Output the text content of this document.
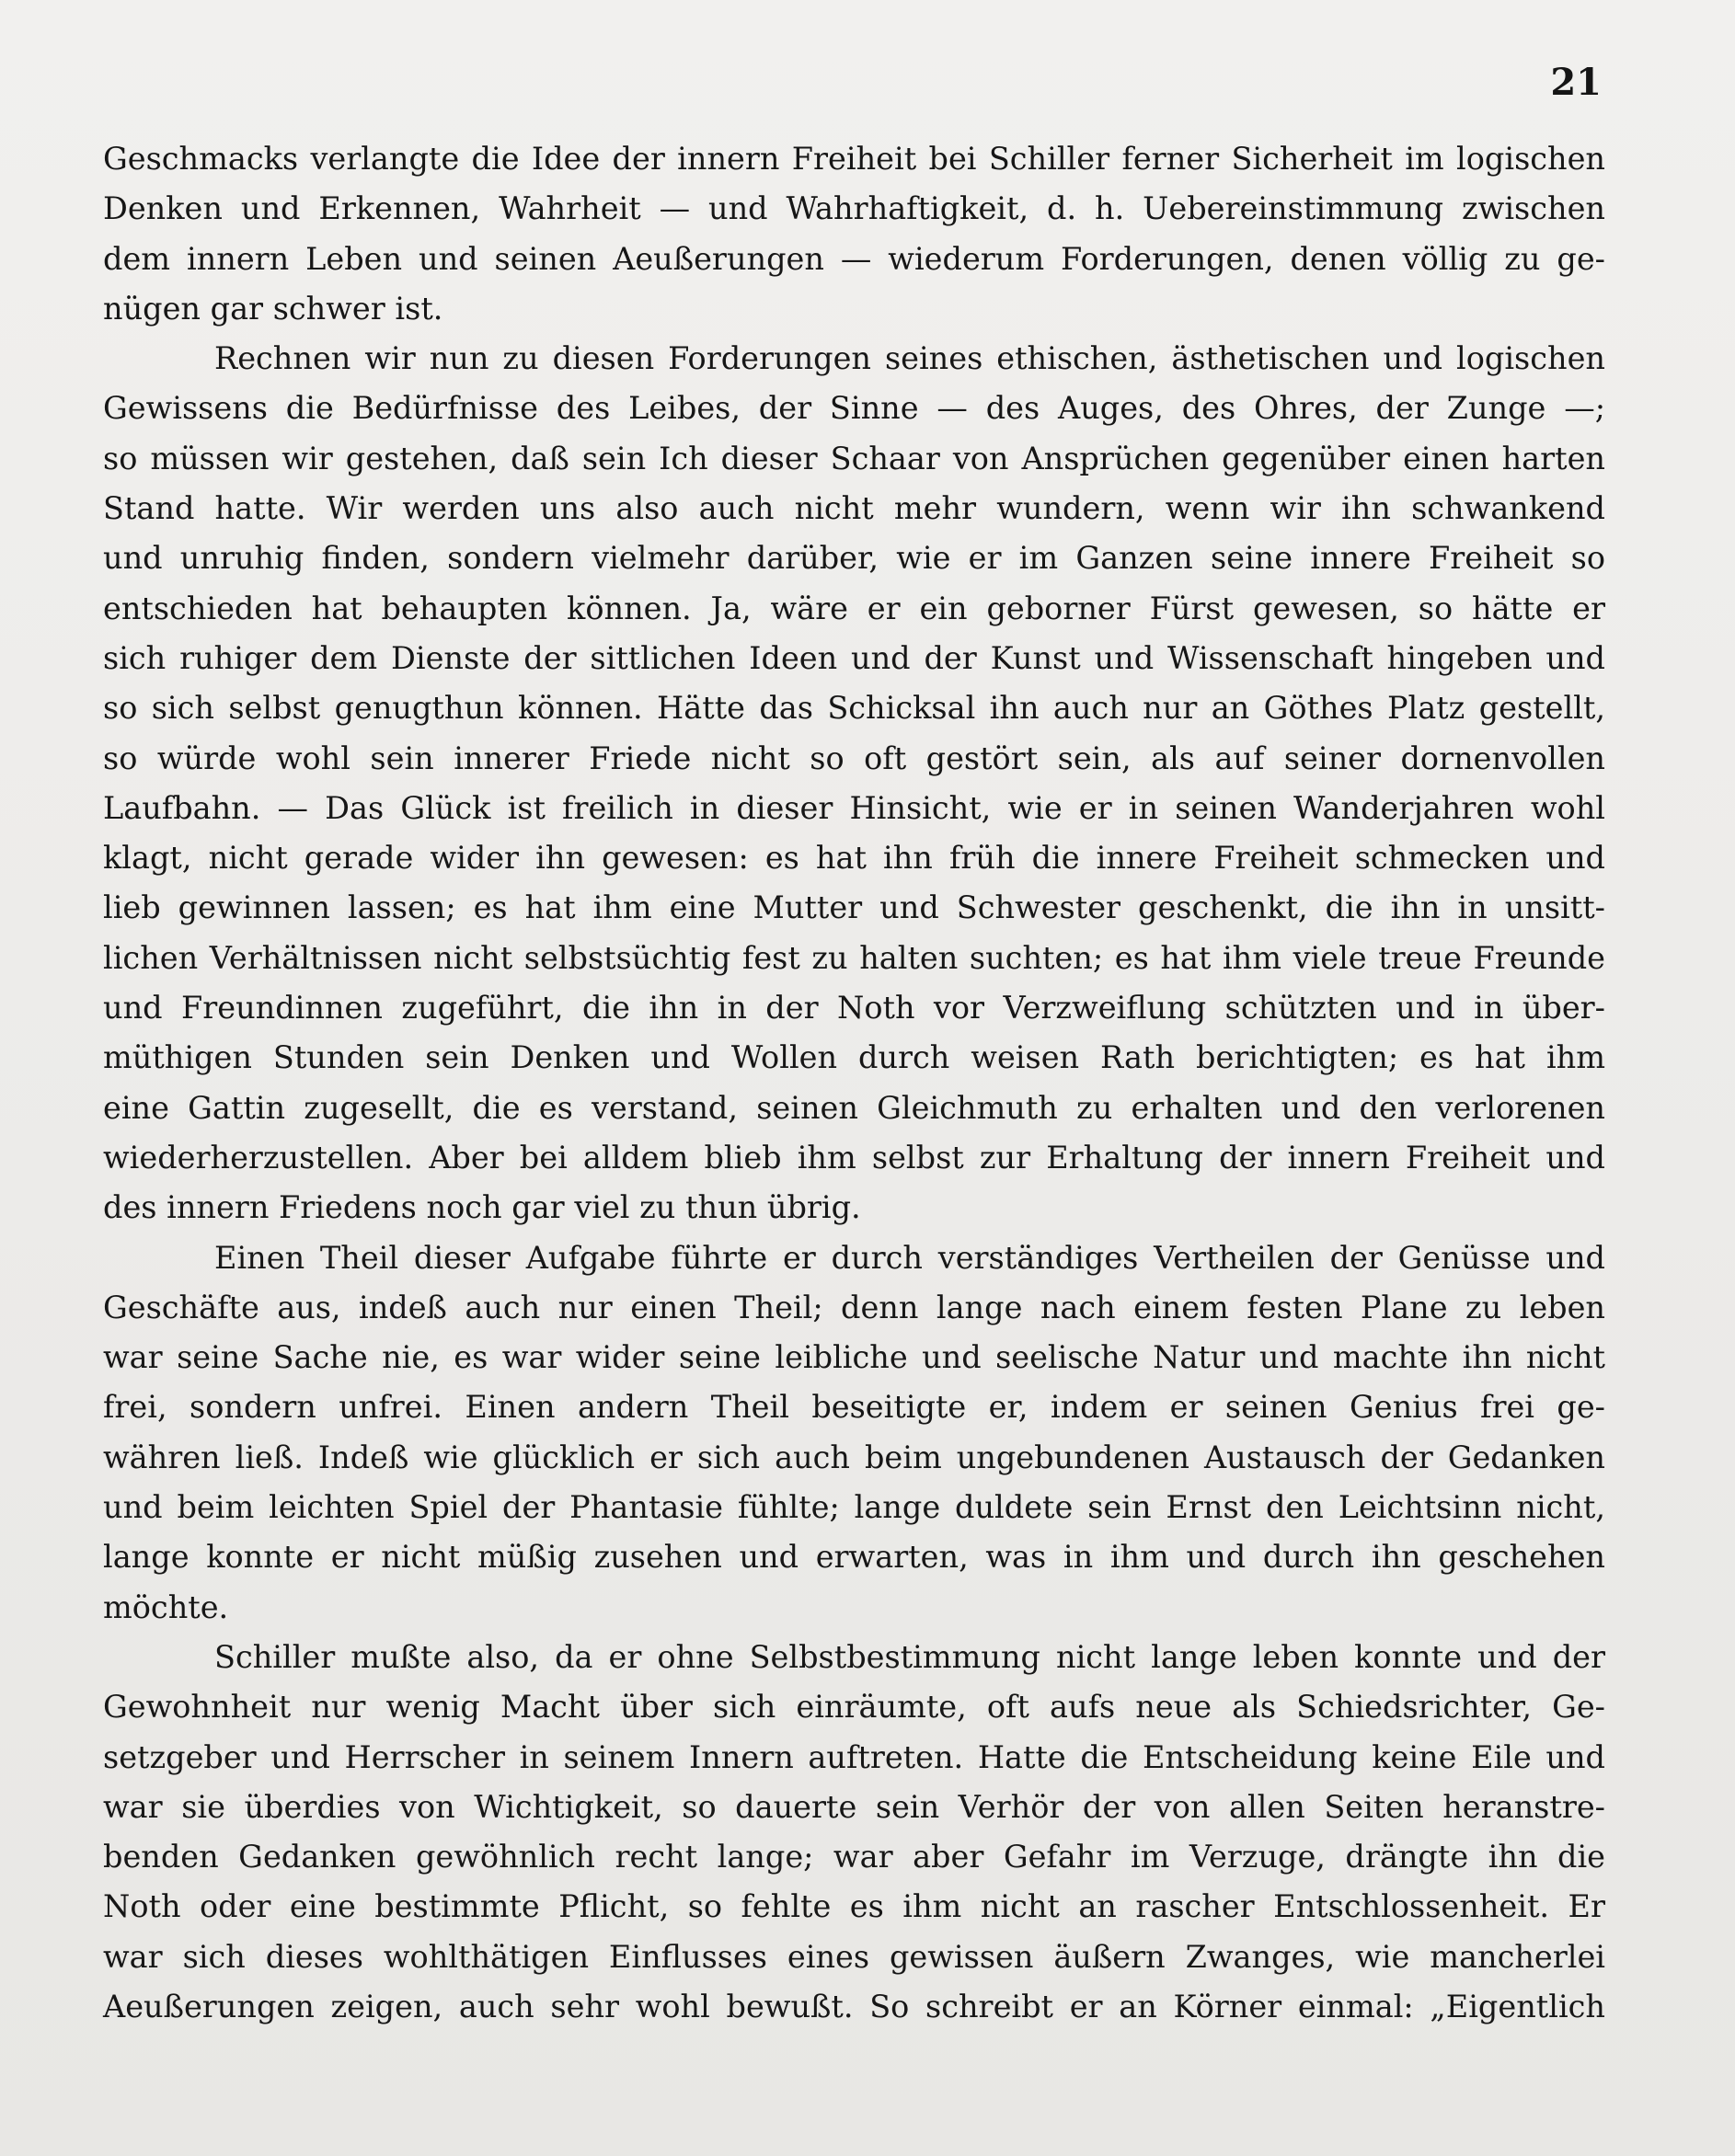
21

Geschmacks verlangte die Idee der innern Freiheit bei Schiller ferner Sicherheit im logischen
Denken und Erkennen, Wahrheit — und Wahrhaftigkeit, d. h. Uebereinstimmung zwischen
dem innern Leben und seinen Aeußerungen — wiederum Forderungen, denen völlig zu ge-
nügen gar schwer ist.

Rechnen wir nun zu diesen Forderungen seines ethischen, ästhetischen und logischen
Gewissens die Bedürfnisse des Leibes, der Sinne — des Auges, des Ohres, der Zunge —;
so müssen wir gestehen, daß sein Ich dieser Schaar von Ansprüchen gegenüber einen harten
Stand hatte. Wir werden uns also auch nicht mehr wundern, wenn wir ihn schwankend
und unruhig finden, sondern vielmehr darüber, wie er im Ganzen seine innere Freiheit so
entschieden hat behaupten können. Ja, wäre er ein geborner Fürst gewesen, so hätte er
sich ruhiger dem Dienste der sittlichen Ideen und der Kunst und Wissenschaft hingeben und
so sich selbst genugthun können. Hätte das Schicksal ihn auch nur an Göthes Platz gestellt,
so würde wohl sein innerer Friede nicht so oft gestört sein, als auf seiner dornenvollen
Laufbahn. — Das Glück ist freilich in dieser Hinsicht, wie er in seinen Wanderjahren wohl
klagt, nicht gerade wider ihn gewesen: es hat ihn früh die innere Freiheit schmecken und
lieb gewinnen lassen; es hat ihm eine Mutter und Schwester geschenkt, die ihn in unsitt-
lichen Verhältnissen nicht selbstsüchtig fest zu halten suchten; es hat ihm viele treue Freunde
und Freundinnen zugeführt, die ihn in der Noth vor Verzweiflung schützten und in über-
müthigen Stunden sein Denken und Wollen durch weisen Rath berichtigten; es hat ihm
eine Gattin zugesellt, die es verstand, seinen Gleichmuth zu erhalten und den verlorenen
wiederherzustellen. Aber bei alldem blieb ihm selbst zur Erhaltung der innern Freiheit und
des innern Friedens noch gar viel zu thun übrig.

Einen Theil dieser Aufgabe führte er durch verständiges Vertheilen der Genüsse und
Geschäfte aus, indeß auch nur einen Theil; denn lange nach einem festen Plane zu leben
war seine Sache nie, es war wider seine leibliche und seelische Natur und machte ihn nicht
frei, sondern unfrei. Einen andern Theil beseitigte er, indem er seinen Genius frei ge-
währen ließ. Indeß wie glücklich er sich auch beim ungebundenen Austausch der Gedanken
und beim leichten Spiel der Phantasie fühlte; lange duldete sein Ernst den Leichtsinn nicht,
lange konnte er nicht müßig zusehen und erwarten, was in ihm und durch ihn geschehen
möchte.

Schiller mußte also, da er ohne Selbstbestimmung nicht lange leben konnte und der
Gewohnheit nur wenig Macht über sich einräumte, oft aufs neue als Schiedsrichter, Ge-
setzgeber und Herrscher in seinem Innern auftreten. Hatte die Entscheidung keine Eile und
war sie überdies von Wichtigkeit, so dauerte sein Verhör der von allen Seiten heranstre-
benden Gedanken gewöhnlich recht lange; war aber Gefahr im Verzuge, drängte ihn die
Noth oder eine bestimmte Pflicht, so fehlte es ihm nicht an rascher Entschlossenheit. Er
war sich dieses wohlthätigen Einflusses eines gewissen äußern Zwanges, wie mancherlei
Aeußerungen zeigen, auch sehr wohl bewußt. So schreibt er an Körner einmal: „Eigentlich
